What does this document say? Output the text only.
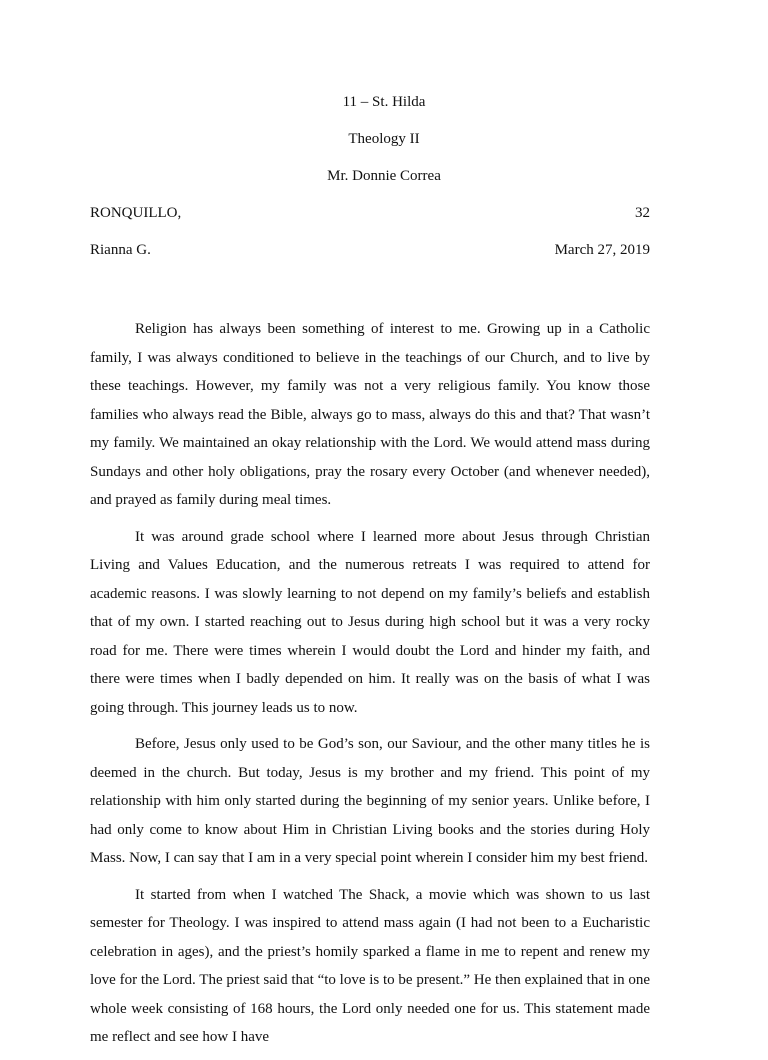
11 – St. Hilda
Theology II
Mr. Donnie Correa
RONQUILLO,	32
Rianna G.	March 27, 2019

Religion has always been something of interest to me. Growing up in a Catholic family, I was always conditioned to believe in the teachings of our Church, and to live by these teachings. However, my family was not a very religious family. You know those families who always read the Bible, always go to mass, always do this and that? That wasn’t my family. We maintained an okay relationship with the Lord. We would attend mass during Sundays and other holy obligations, pray the rosary every October (and whenever needed), and prayed as family during meal times.

It was around grade school where I learned more about Jesus through Christian Living and Values Education, and the numerous retreats I was required to attend for academic reasons. I was slowly learning to not depend on my family’s beliefs and establish that of my own. I started reaching out to Jesus during high school but it was a very rocky road for me. There were times wherein I would doubt the Lord and hinder my faith, and there were times when I badly depended on him. It really was on the basis of what I was going through. This journey leads us to now.

Before, Jesus only used to be God’s son, our Saviour, and the other many titles he is deemed in the church. But today, Jesus is my brother and my friend. This point of my relationship with him only started during the beginning of my senior years. Unlike before, I had only come to know about Him in Christian Living books and the stories during Holy Mass. Now, I can say that I am in a very special point wherein I consider him my best friend.

It started from when I watched The Shack, a movie which was shown to us last semester for Theology. I was inspired to attend mass again (I had not been to a Eucharistic celebration in ages), and the priest’s homily sparked a flame in me to repent and renew my love for the Lord. The priest said that “to love is to be present.” He then explained that in one whole week consisting of 168 hours, the Lord only needed one for us. This statement made me reflect and see how I have
